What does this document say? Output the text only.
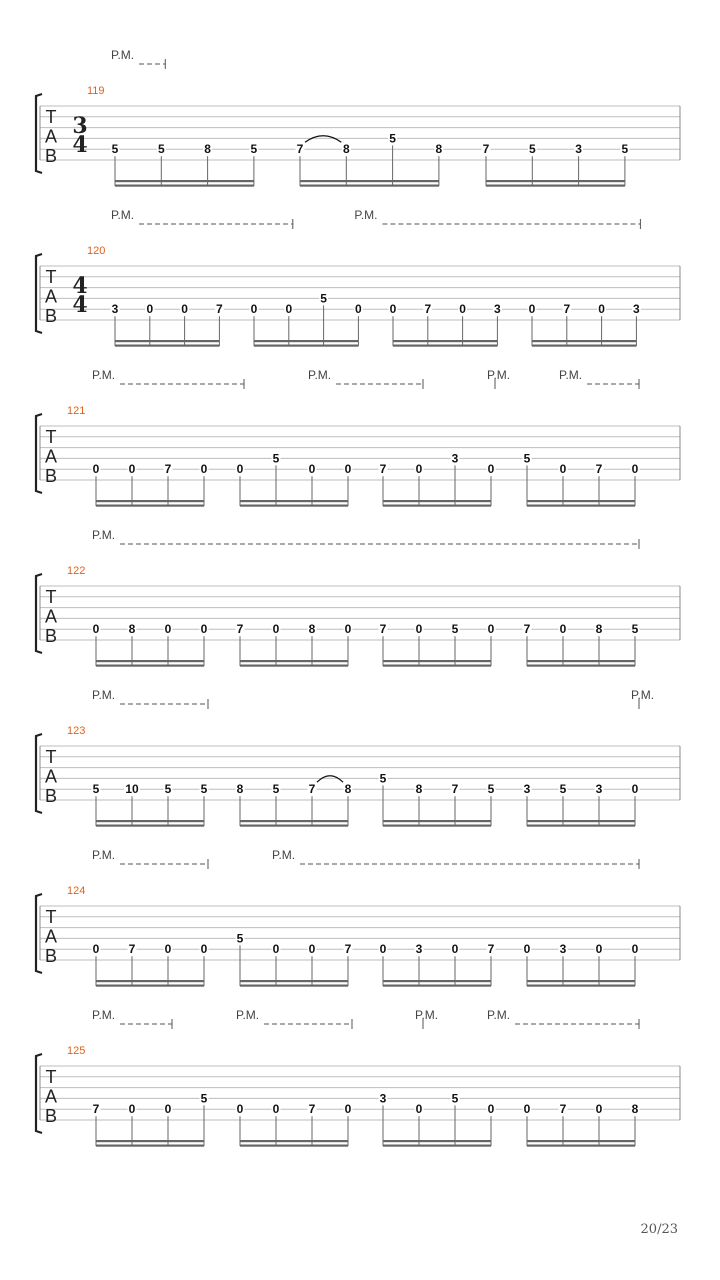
T
A
B
119
3
4
P.M.
5	5	8	5	7	8
5
8	7	5	3	5
T
A
B
120
4
4
P.M.	P.M.
3 0 0 7 0 0
5
0 0 7 0 3 0 7 0 3
T
A
B
121
P.M.	P.M.	P.M.	P.M.
0 0 7 0 0
5
0 0 7 0
3
0
5
0 7 0
T
A
B
122
P.M.
0 8 0 0 7 0 8 0 7 0 5 0 7 0 8 5
T
A
B
123
P.M.	P.M.
5 10 5 5 8 5 7 8
5
8 7 5 3 5 3 0
T
A
B
124
P.M.	P.M.
0 7 0 0
5
0 0 7 0 3 0 7 0 3 0 0
T
A
B
125
P.M.	P.M.	P.M.	P.M.
7 0 0
5
0 0 7 0
3
0
5
0 0 7 0 8
20/23
